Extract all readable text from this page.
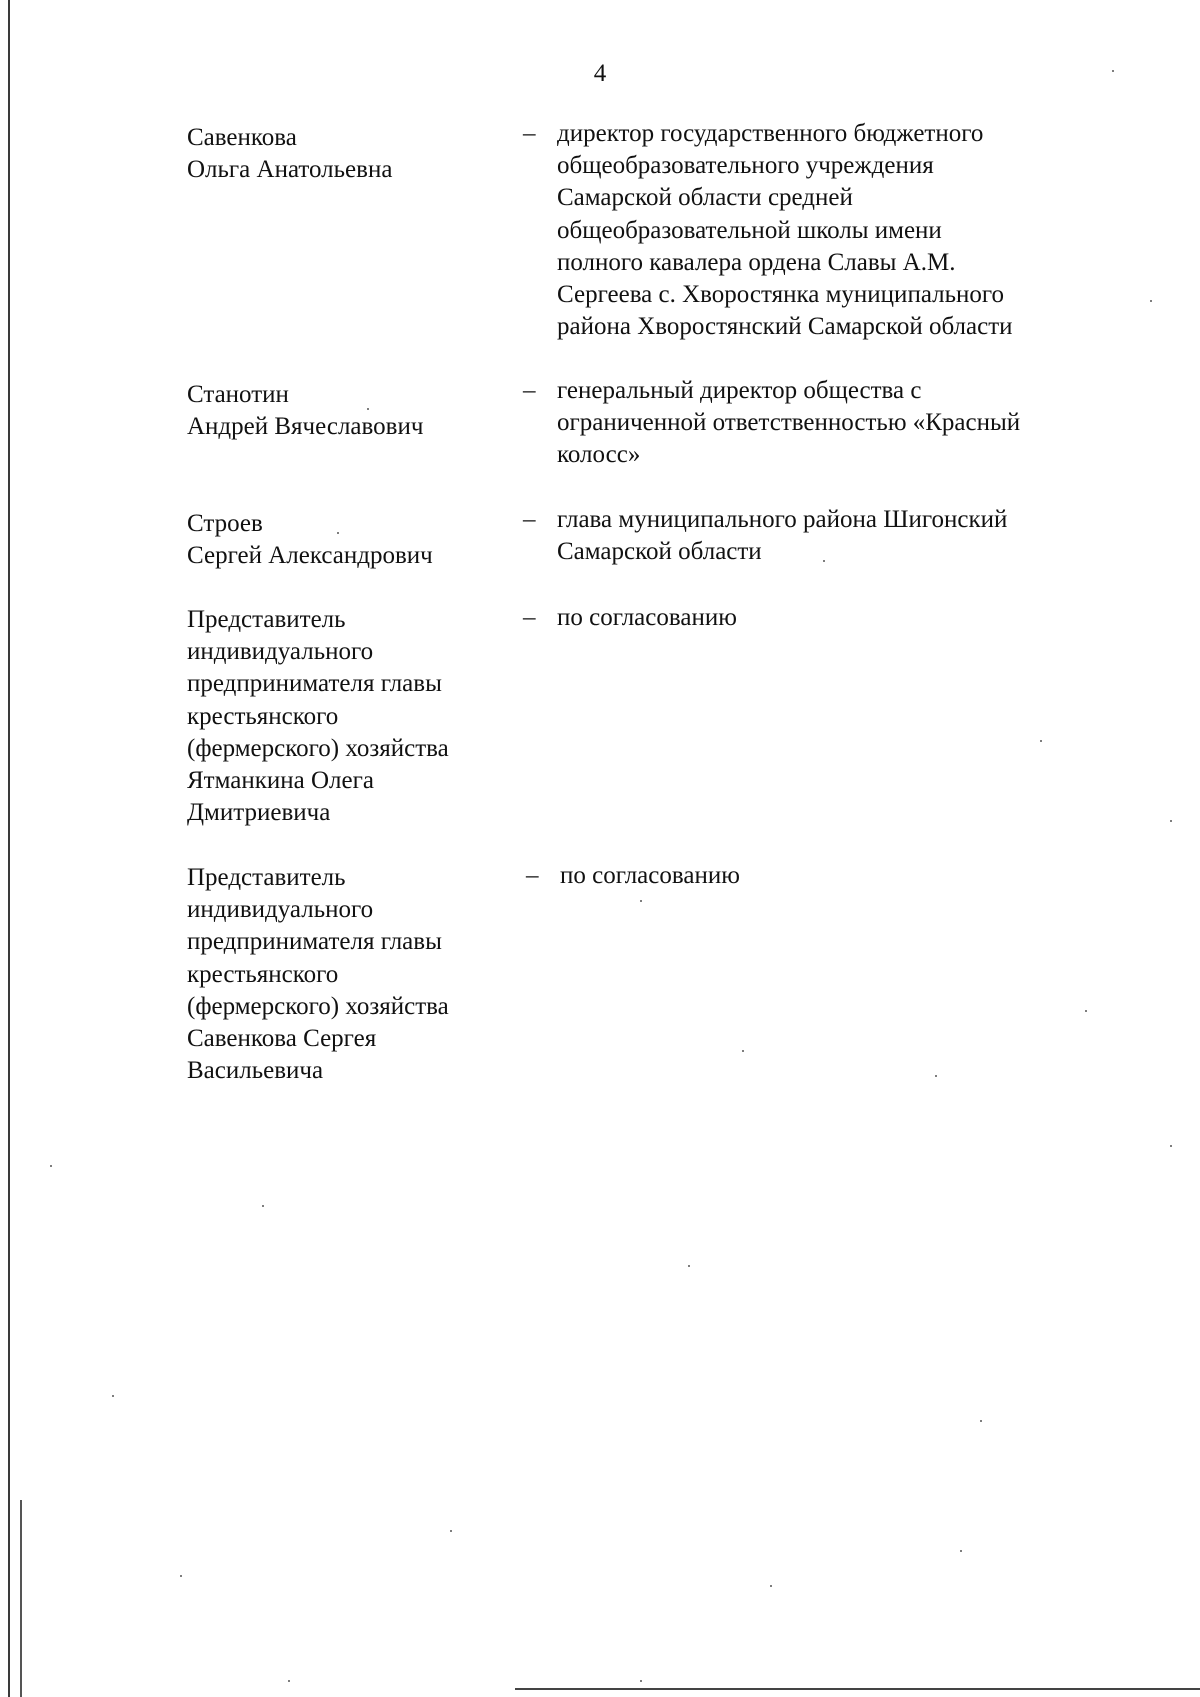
4

Савенкова
Ольга Анатольевна

– директор государственного бюджетного
общеобразовательного учреждения
Самарской области средней
общеобразовательной школы имени
полного кавалера ордена Славы А.М.
Сергеева с. Хворостянка муниципального
района Хворостянский Самарской области

Станотин
Андрей Вячеславович

– генеральный директор общества с
ограниченной ответственностью «Красный
колосс»

Строев
Сергей Александрович

– глава муниципального района Шигонский
Самарской области

Представитель
индивидуального
предпринимателя главы
крестьянского
(фермерского) хозяйства
Ятманкина Олега
Дмитриевича

– по согласованию

Представитель
индивидуального
предпринимателя главы
крестьянского
(фермерского) хозяйства
Савенкова Сергея
Васильевича

– по согласованию
